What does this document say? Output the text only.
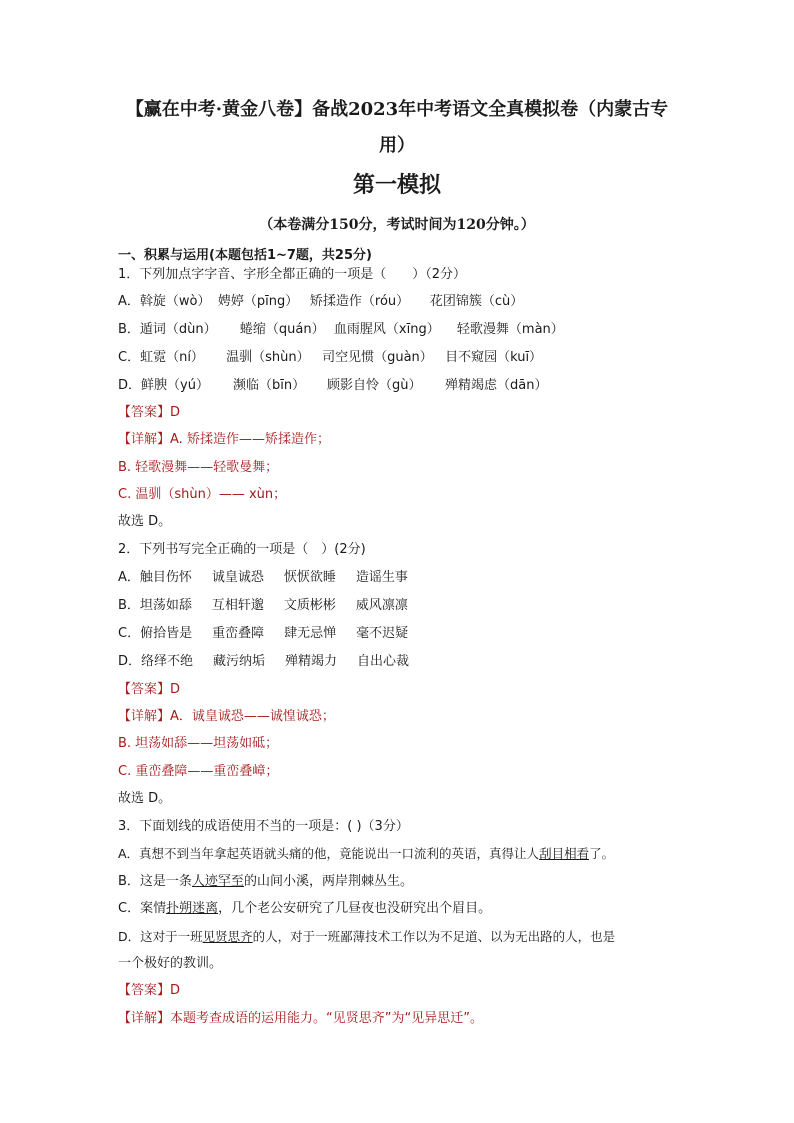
【赢在中考·黄金八卷】备战2023年中考语文全真模拟卷（内蒙古专
用）
第一模拟
（本卷满分150分，考试时间为120分钟。）
一、积累与运用(本题包括1~7题，共25分)
1．下列加点字字音、字形全都正确的一项是（　　）（2分）
A．斡旋（wò） 娉婷（pīng） 矫揉造作（róu） 花团锦簇（cù）
B．遁词（dùn） 蜷缩（quán） 血雨腥风（xīng） 轻歌漫舞（màn）
C．虹霓（ní） 温驯（shùn） 司空见惯（guàn） 目不窥园（kuī）
D．鲜腴（yú） 濒临（bīn） 顾影自怜（gù） 殚精竭虑（dān）
【答案】D
【详解】A. 矫揉造作——矫揉造作；
B. 轻歌漫舞——轻歌曼舞；
C. 温驯（shùn）—— xùn；
故选 D。
2．下列书写完全正确的一项是（　）(2分)
A．触目伤怀 诚皇诚恐 恹恹欲睡 造谣生事
B．坦荡如舔 互相轩邈 文质彬彬 威风凛凛
C．俯拾皆是 重峦叠障 肆无忌惮 毫不迟疑
D．络绎不绝 藏污纳垢 殚精竭力 自出心裁
【答案】D
【详解】A．诚皇诚恐——诚惶诚恐；
B. 坦荡如舔——坦荡如砥；
C. 重峦叠障——重峦叠嶂；
故选 D。
3．下面划线的成语使用不当的一项是：( )（3分）
A．真想不到当年拿起英语就头痛的他，竟能说出一口流利的英语，真得让人刮目相看了。
B．这是一条人迹罕至的山间小溪，两岸荆棘丛生。
C．案情扑朔迷离，几个老公安研究了几昼夜也没研究出个眉目。
D．这对于一班见贤思齐的人，对于一班鄙薄技术工作以为不足道、以为无出路的人，也是
一个极好的教训。
【答案】D
【详解】本题考查成语的运用能力。“见贤思齐”为“见异思迁”。
